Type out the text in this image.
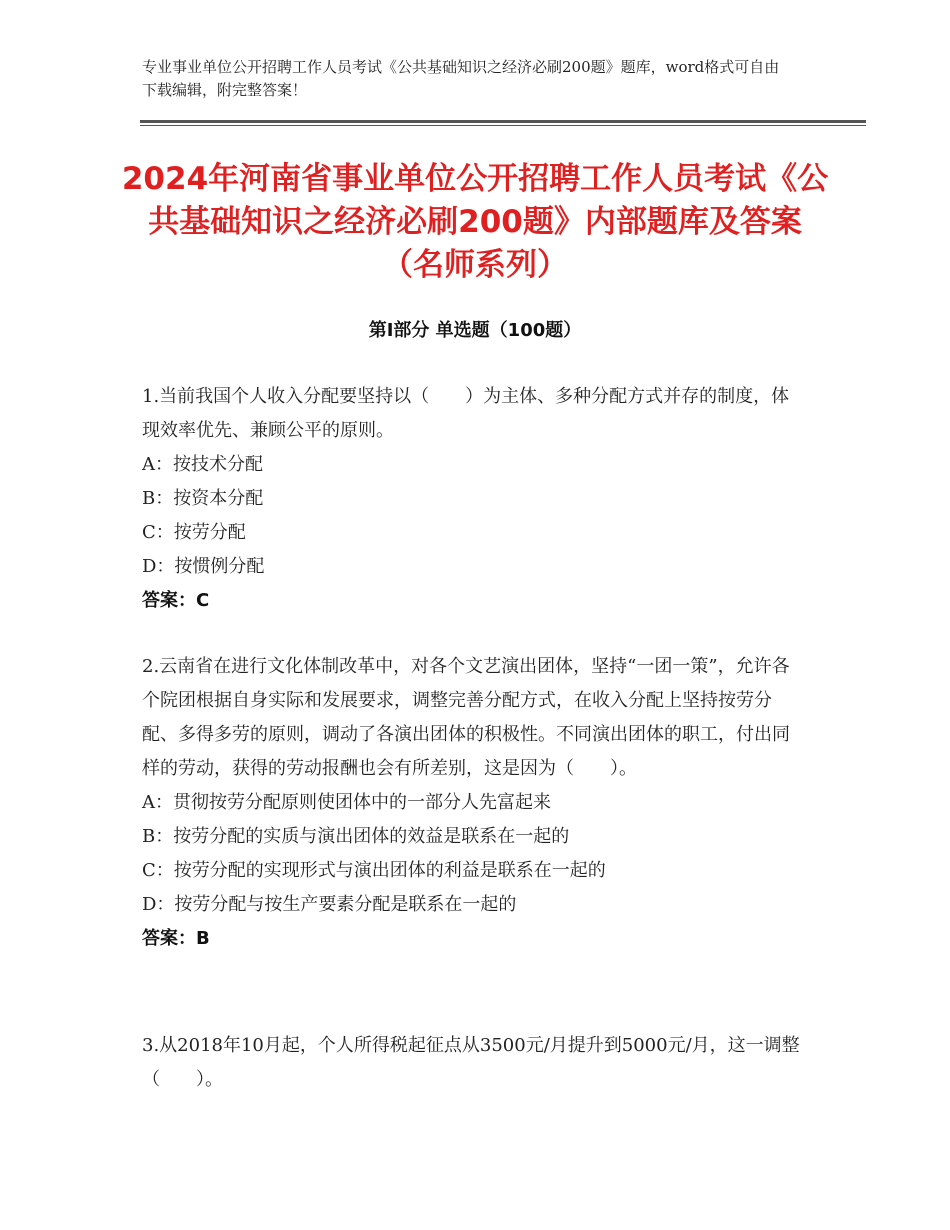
专业事业单位公开招聘工作人员考试《公共基础知识之经济必刷200题》题库，word格式可自由下载编辑，附完整答案！
2024年河南省事业单位公开招聘工作人员考试《公共基础知识之经济必刷200题》内部题库及答案（名师系列）
第Ⅰ部分 单选题（100题）

1.当前我国个人收入分配要坚持以（　　）为主体、多种分配方式并存的制度，体现效率优先、兼顾公平的原则。

A：按技术分配

B：按资本分配

C：按劳分配

D：按惯例分配

答案：C

2.云南省在进行文化体制改革中，对各个文艺演出团体，坚持“一团一策”，允许各个院团根据自身实际和发展要求，调整完善分配方式，在收入分配上坚持按劳分配、多得多劳的原则，调动了各演出团体的积极性。不同演出团体的职工，付出同样的劳动，获得的劳动报酬也会有所差别，这是因为（　　）。

A：贯彻按劳分配原则使团体中的一部分人先富起来

B：按劳分配的实质与演出团体的效益是联系在一起的

C：按劳分配的实现形式与演出团体的利益是联系在一起的

D：按劳分配与按生产要素分配是联系在一起的

答案：B

3.从2018年10月起，个人所得税起征点从3500元/月提升到5000元/月，这一调整（　　）。
